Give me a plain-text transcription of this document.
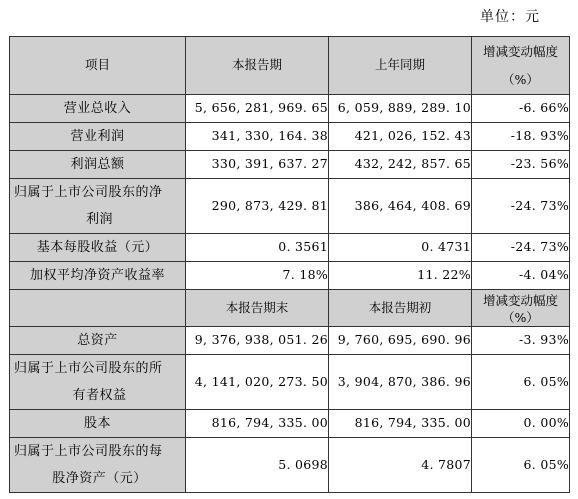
单位：元
项目	本报告期	上年同期	增减变动幅度
（%）

营业总收入	5, 656, 281, 969. 65	6, 059, 889, 289. 10	-6. 66%
营业利润	341, 330, 164. 38	421, 026, 152. 43	-18. 93%
利润总额	330, 391, 637. 27	432, 242, 857. 65	-23. 56%
归属于上市公司股东的净

利润	290, 873, 429. 81	386, 464, 408. 69	-24. 73%
基本每股收益（元）	0. 3561	0. 4731	-24. 73%
加权平均净资产收益率	7. 18%	11. 22%	-4. 04%
	本报告期末	本报告期初	增减变动幅度
（%）

总资产	9, 376, 938, 051. 26	9, 760, 695, 690. 96	-3. 93%
归属于上市公司股东的所

有者权益	4, 141, 020, 273. 50	3, 904, 870, 386. 96	6. 05%
股本	816, 794, 335. 00	816, 794, 335. 00	0. 00%
归属于上市公司股东的每

股净资产（元）	5. 0698	4. 7807	6. 05%
